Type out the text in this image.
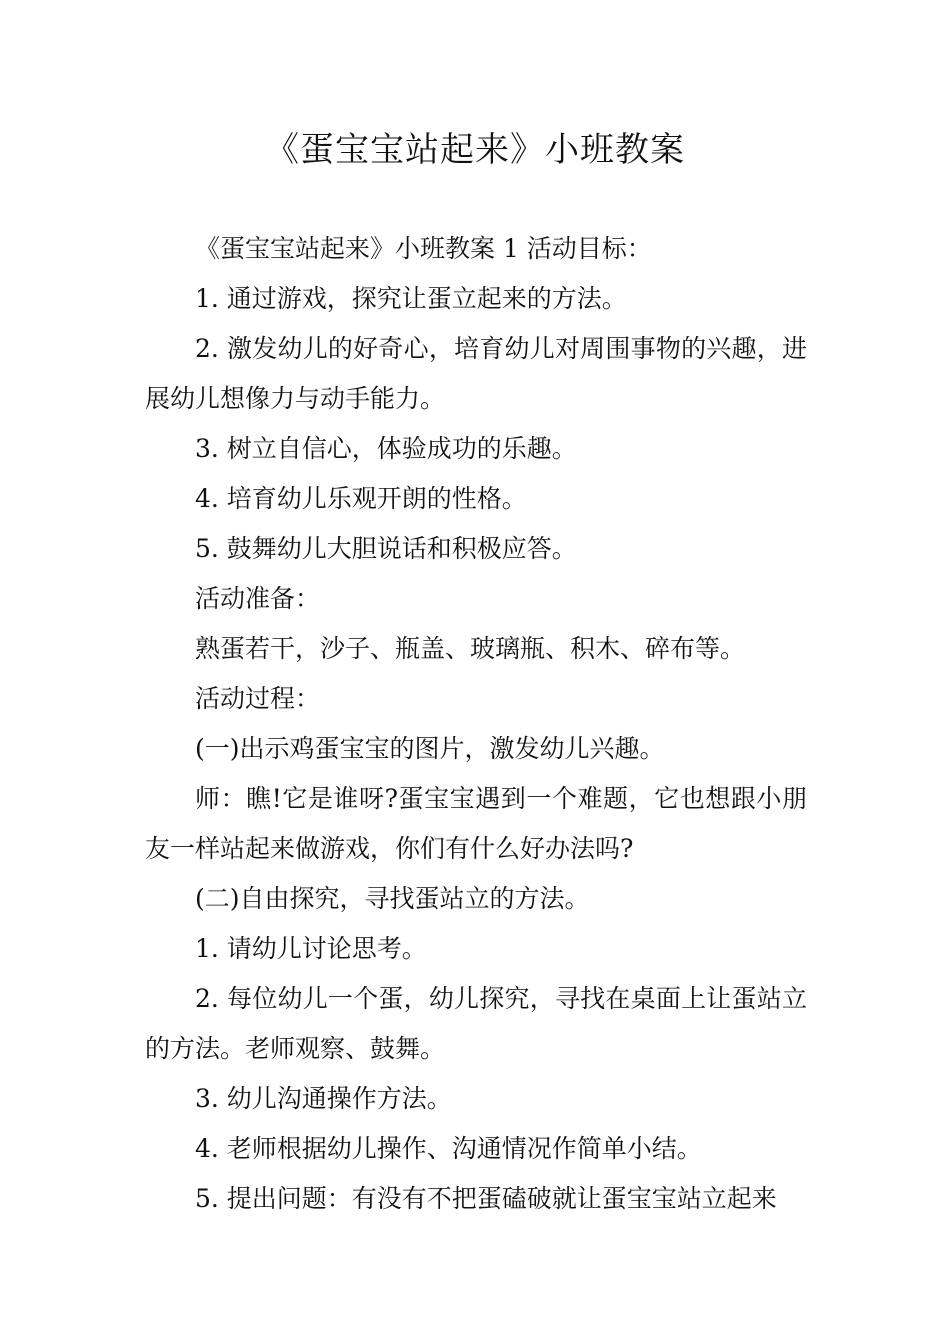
《蛋宝宝站起来》小班教案

《蛋宝宝站起来》小班教案 1 活动目标：

1. 通过游戏，探究让蛋立起来的方法。

2. 激发幼儿的好奇心，培育幼儿对周围事物的兴趣，进展幼儿想像力与动手能力。

3. 树立自信心，体验成功的乐趣。

4. 培育幼儿乐观开朗的性格。

5. 鼓舞幼儿大胆说话和积极应答。

活动准备：

熟蛋若干，沙子、瓶盖、玻璃瓶、积木、碎布等。

活动过程：

(一)出示鸡蛋宝宝的图片，激发幼儿兴趣。

师：瞧!它是谁呀?蛋宝宝遇到一个难题，它也想跟小朋友一样站起来做游戏，你们有什么好办法吗?

(二)自由探究，寻找蛋站立的方法。

1. 请幼儿讨论思考。

2. 每位幼儿一个蛋，幼儿探究，寻找在桌面上让蛋站立的方法。老师观察、鼓舞。

3. 幼儿沟通操作方法。

4. 老师根据幼儿操作、沟通情况作简单小结。

5. 提出问题：有没有不把蛋磕破就让蛋宝宝站立起来
